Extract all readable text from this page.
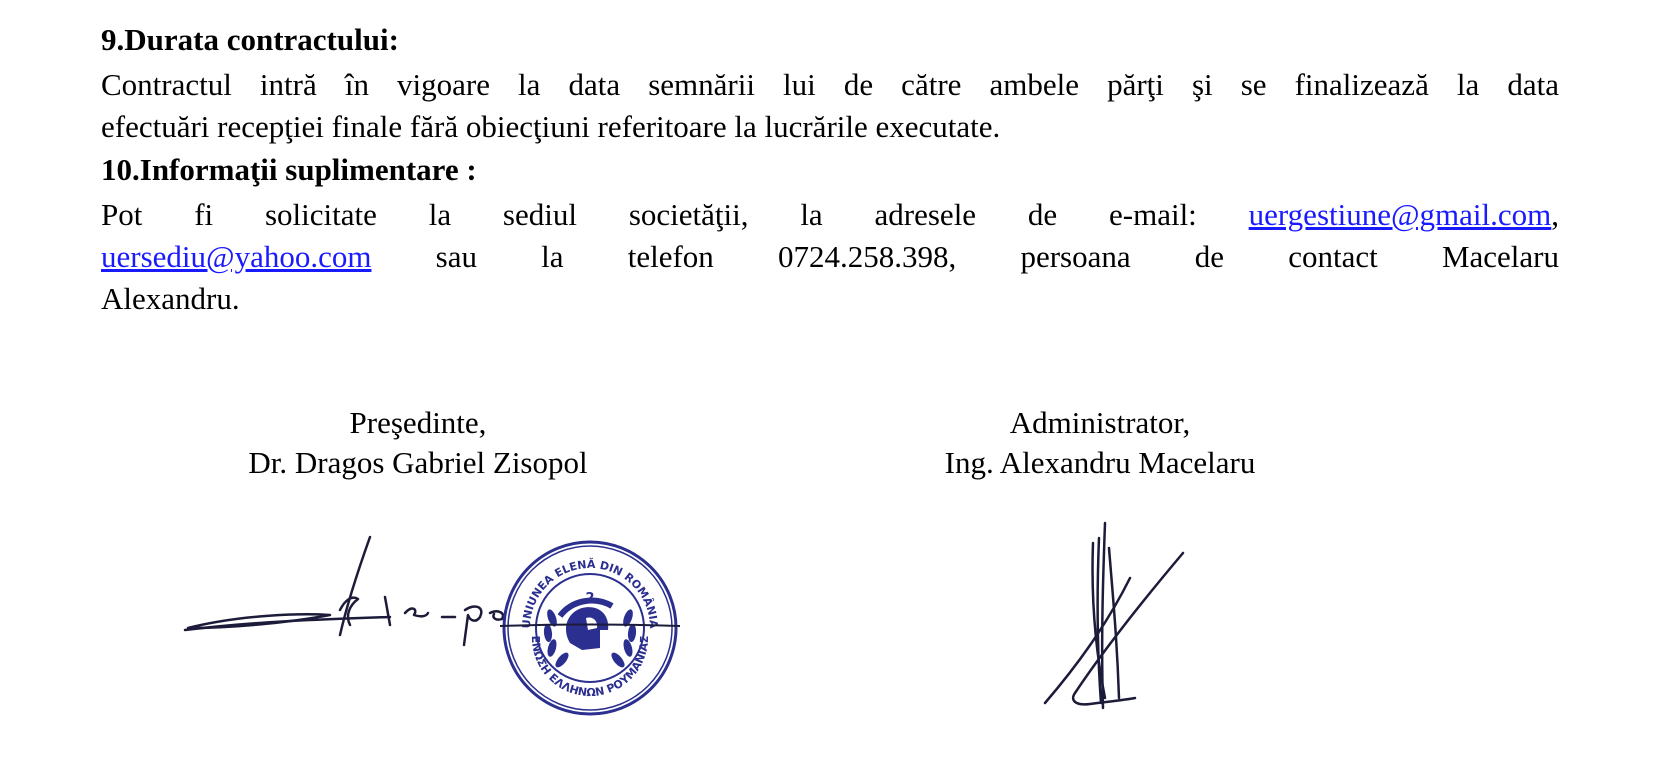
9.Durata contractului:
Contractul intră în vigoare la data semnării lui de către ambele părţi şi se finalizează la data
efectuări recepţiei finale fără obiecţiuni referitoare la lucrările executate.
10.Informaţii suplimentare :
Pot fi solicitate la sediul societăţii, la adresele de e-mail: uergestiune@gmail.com,
uersediu@yahoo.com sau la telefon 0724.258.398, persoana de contact Macelaru
Alexandru.
Preşedinte,
Dr. Dragos Gabriel Zisopol
Administrator,
Ing. Alexandru Macelaru
UNIUNEA ELENĂ DIN ROMÂNIA
ΕΝΩΣΗ ΕΛΛΗΝΩΝ ΡΟΥΜΑΝΙΑΣ
2
